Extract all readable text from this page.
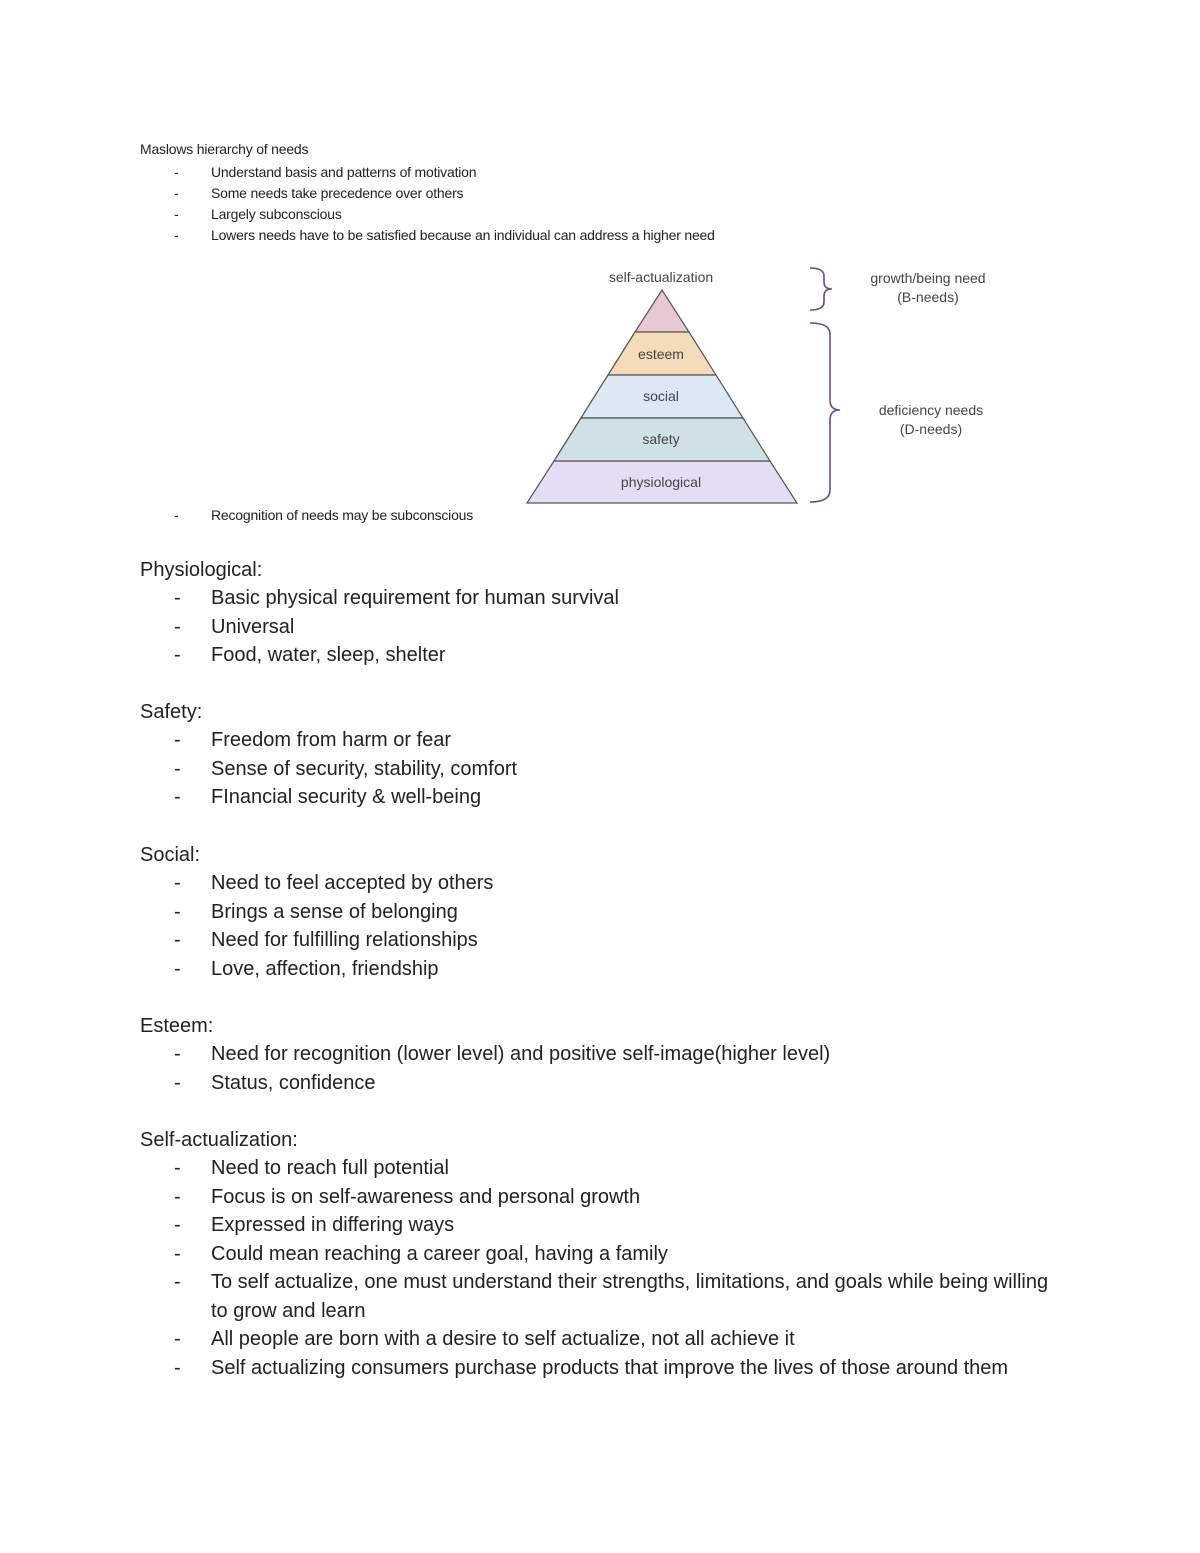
Maslows hierarchy of needs
- Understand basis and patterns of motivation
- Some needs take precedence over others
- Largely subconscious
- Lowers needs have to be satisfied because an individual can address a higher need
self-actualization
esteem
social
safety
physiological
growth/being need
(B-needs)
deficiency needs
(D-needs)
- Recognition of needs may be subconscious
Physiological:
- Basic physical requirement for human survival
- Universal
- Food, water, sleep, shelter
Safety:
- Freedom from harm or fear
- Sense of security, stability, comfort
- FInancial security & well-being
Social:
- Need to feel accepted by others
- Brings a sense of belonging
- Need for fulfilling relationships
- Love, affection, friendship
Esteem:
- Need for recognition (lower level) and positive self-image(higher level)
- Status, confidence
Self-actualization:
- Need to reach full potential
- Focus is on self-awareness and personal growth
- Expressed in differing ways
- Could mean reaching a career goal, having a family
- To self actualize, one must understand their strengths, limitations, and goals while being willing to grow and learn
- All people are born with a desire to self actualize, not all achieve it
- Self actualizing consumers purchase products that improve the lives of those around them
